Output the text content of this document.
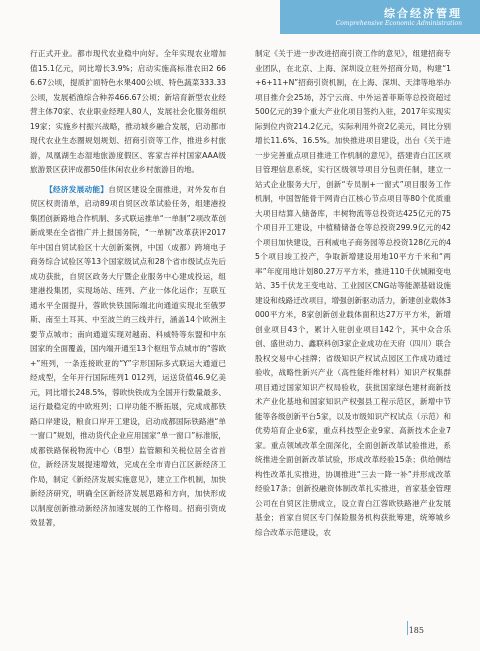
综合经济管理
Comprehensive Economic Administration

行正式开业。都市现代农业稳中向好。全年实现农业增加值15.1亿元，同比增长3.9%；启动实施高标准农田2 666.67公顷，提质扩面特色水果400公顷、特色蔬菜333.33公顷，发展稻渔综合种养466.67公顷；新培育新型农业经营主体70家、农业职业经理人80人，发展社会化服务组织19家；实施乡村振兴战略，推动城乡融合发展，启动都市现代农业生态圈规划规划、招商引资等工作，推进乡村旅游，凤凰湖生态湿地旅游度假区、客家吉祥村国家AAA级旅游景区获评成都50佳休闲农业乡村旅游目的地。

【经济发展动能】自贸区建设全面推进，对外发布自贸区权责清单，启动89项自贸区改革试验任务，组建港投集团创新路地合作机制、多式联运推单“一单制”2项改革创新成果在全省推广并上报国务院，“一单制”改革获评2017年中国自贸试验区十大创新案例，中国（成都）跨境电子商务综合试验区等13个国家级试点和28个省市级试点先后成功获批，自贸区政务大厅暨企业服务中心建成投运，组建港投集团，实现场站、班列、产业一体化运作；互联互通水平全面提升，蓉欧快铁国际端北向通道实现北至俄罗斯、南至土耳其、中至波兰的三线并行，涵盖14个欧洲主要节点城市；南向通道实现对越南、科威特等东盟和中东国家的全面覆盖，国内端开通至13个枢纽节点城市的“蓉欧+”班列，一条连接欧亚的“Y”字形国际多式联运大通道已经成型，全年开行国际班列1 012列，运送货值46.9亿美元，同比增长248.5%，蓉欧快铁成为全国开行数量最多、运行最稳定的中欧班列；口岸功能不断拓展，完成成都铁路口岸建设，粮食口岸开工建设，启动成都国际铁路港“单一窗口”规划，推动货代企业应用国家“单一窗口”标准版，成都铁路保税物流中心（B型）监管额和关税位居全省首位，新经济发展提速增效，完成在全市青白江区新经济工作局，制定《新经济发展实施意见》，建立工作机制，加快新经济研究，明确全区新经济发展思路和方向，加快形成以制度创新推动新经济加速发展的工作格局。招商引资成效显著，

制定《关于进一步改进招商引资工作的意见》，组建招商专业团队，在北京、上海、深圳设立驻外招商分局，构建“1+6+11+N”招商引资机制，在上海、深圳、天津等地举办项目推介会25场，苏宁云商、中外运普菲斯等总投资超过500亿元的39个重大产业化项目签约入驻，2017年实现实际到位内资214.2亿元，实际利用外资2亿美元，同比分别增长11.6%、16.5%。加快推进项目建设，出台《关于进一步完善重点项目推进工作机制的意见》，搭建青白江区项目管理信息系统，实行区级领导项目分包责任制，建立一站式企业服务大厅，创新“专员制+一窗式”项目服务工作机制，中国智能骨干网青白江核心节点项目等80个优质重大项目结算入储备库，丰树物流等总投资达425亿元的75个项目开工建设，中植精储备仓等总投资299.9亿元的42个项目加快建设，百利威电子商务园等总投资128亿元的45个项目竣工投产，争取新增建设用地10平方千米和“两率”年度用地计划80.27万平方米，推进110千伏城厢变电站、35千伏龙王变电站、工业园区CNG站等能源基础设施建设和线路迁改项目，增强创新驱动活力，新建创业载体3 000平方米，8家创新创业载体面积达27万平方米，新增创业项目43个，累计入驻创业项目142个，其中众合乐创、盛世动力、鑫联科创3家企业成功在天府（四川）联合股权交易中心挂牌；省级知识产权试点园区工作成功通过验收，战略性新兴产业（高性能纤维材料）知识产权集群项目通过国家知识产权局验收，获批国家绿色建材商新技术产业化基地和国家知识产权强县工程示范区，新增中节能等各级创新平台5家，以及市级知识产权试点（示范）和优势培育企业6家，重点科技型企业9家、高新技术企业7家。重点领域改革全面深化，全面创新改革试验推进，系统推进全面创新改革试验，形成改革经验15条；供给侧结构性改革扎实推进，协调推进“三去一降一补”并形成改革经验17条；创新投融资体制改革扎实推进，首家基金管理公司在自贸区注册成立，设立青白江蓉欧铁路港产业发展基金；首家自贸区专门保险服务机构获批筹建，统筹城乡综合改革示范建设，农

185
